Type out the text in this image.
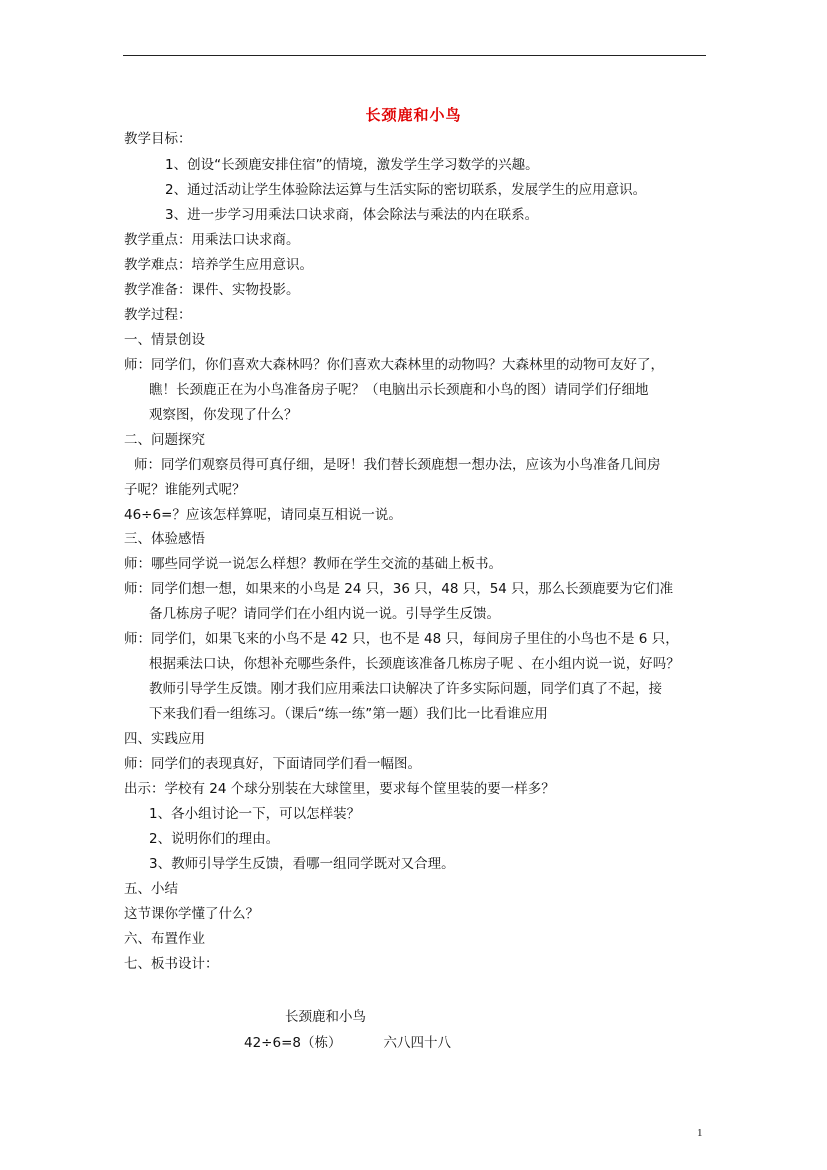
长颈鹿和小鸟
教学目标：
1、创设“长颈鹿安排住宿”的情境，激发学生学习数学的兴趣。
2、通过活动让学生体验除法运算与生活实际的密切联系，发展学生的应用意识。
3、进一步学习用乘法口诀求商，体会除法与乘法的内在联系。
教学重点：用乘法口诀求商。
教学难点：培养学生应用意识。
教学准备：课件、实物投影。
教学过程：
一、情景创设
师：同学们，你们喜欢大森林吗？你们喜欢大森林里的动物吗？大森林里的动物可友好了，
瞧！长颈鹿正在为小鸟准备房子呢？（电脑出示长颈鹿和小鸟的图）请同学们仔细地
观察图，你发现了什么？
二、问题探究
师：同学们观察员得可真仔细，是呀！我们替长颈鹿想一想办法，应该为小鸟准备几间房
子呢？谁能列式呢？
46÷6=？应该怎样算呢，请同桌互相说一说。
三、体验感悟
师：哪些同学说一说怎么样想？教师在学生交流的基础上板书。
师：同学们想一想，如果来的小鸟是 24 只，36 只，48 只，54 只，那么长颈鹿要为它们准
备几栋房子呢？请同学们在小组内说一说。引导学生反馈。
师：同学们，如果飞来的小鸟不是 42 只，也不是 48 只，每间房子里住的小鸟也不是 6 只，
根据乘法口诀，你想补充哪些条件，长颈鹿该准备几栋房子呢 、在小组内说一说，好吗？
教师引导学生反馈。刚才我们应用乘法口诀解决了许多实际问题，同学们真了不起，接
下来我们看一组练习。（课后“练一练”第一题）我们比一比看谁应用
四、实践应用
师：同学们的表现真好，下面请同学们看一幅图。
出示：学校有 24 个球分别装在大球筐里，要求每个筐里装的要一样多？
1、各小组讨论一下，可以怎样装？
2、说明你们的理由。
3、教师引导学生反馈，看哪一组同学既对又合理。
五、小结
这节课你学懂了什么？
六、布置作业
七、板书设计：
长颈鹿和小鸟
42÷6=8（栋）	六八四十八
1
